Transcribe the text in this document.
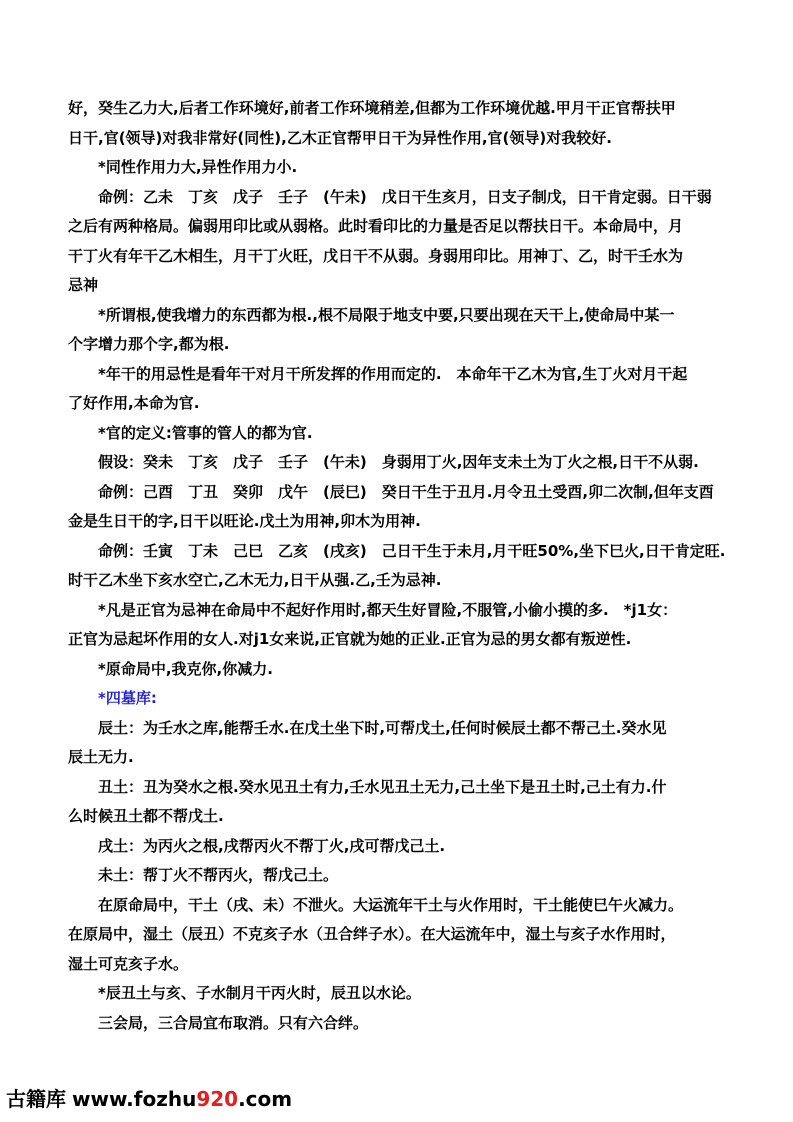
好，癸生乙力大,后者工作环境好,前者工作环境稍差,但都为工作环境优越.甲月干正官帮扶甲
日干,官(领导)对我非常好(同性),乙木正官帮甲日干为异性作用,官(领导)对我较好.
*同性作用力大,异性作用力小.
命例：乙未　丁亥　戊子　壬子　(午未)　戊日干生亥月，日支子制戊，日干肯定弱。日干弱
之后有两种格局。偏弱用印比或从弱格。此时看印比的力量是否足以帮扶日干。本命局中，月
干丁火有年干乙木相生，月干丁火旺，戊日干不从弱。身弱用印比。用神丁、乙，时干壬水为
忌神
*所谓根,使我增力的东西都为根.,根不局限于地支中要,只要出现在天干上,使命局中某一
个字增力那个字,都为根.
*年干的用忌性是看年干对月干所发挥的作用而定的.　本命年干乙木为官,生丁火对月干起
了好作用,本命为官.
*官的定义:管事的管人的都为官.
假设：癸未　丁亥　戊子　壬子　(午未)　身弱用丁火,因年支未土为丁火之根,日干不从弱.
命例：己酉　丁丑　癸卯　戊午　(辰巳)　癸日干生于丑月.月令丑土受酉,卯二次制,但年支酉
金是生日干的字,日干以旺论.戊土为用神,卯木为用神.
命例：壬寅　丁未　己巳　乙亥　(戌亥)　己日干生于未月,月干旺50%,坐下巳火,日干肯定旺.
时干乙木坐下亥水空亡,乙木无力,日干从强.乙,壬为忌神.
*凡是正官为忌神在命局中不起好作用时,都天生好冒险,不服管,小偷小摸的多.　*j1女：
正官为忌起坏作用的女人.对j1女来说,正官就为她的正业.正官为忌的男女都有叛逆性.
*原命局中,我克你,你减力.
*四墓库:
辰土：为壬水之库,能帮壬水.在戊土坐下时,可帮戊土,任何时候辰土都不帮己土.癸水见
辰土无力.
丑土：丑为癸水之根.癸水见丑土有力,壬水见丑土无力,己土坐下是丑土时,己土有力.什
么时候丑土都不帮戊土.
戌土：为丙火之根,戌帮丙火不帮丁火,戌可帮戊己土.
未土：帮丁火不帮丙火，帮戊己土。
在原命局中，干土（戌、未）不泄火。大运流年干土与火作用时，干土能使巳午火减力。
在原局中，湿土（辰丑）不克亥子水（丑合绊子水）。在大运流年中，湿土与亥子水作用时，
湿土可克亥子水。
*辰丑土与亥、子水制月干丙火时，辰丑以水论。
三会局，三合局宜布取消。只有六合绊。
古籍库 www.fozhu920.com
